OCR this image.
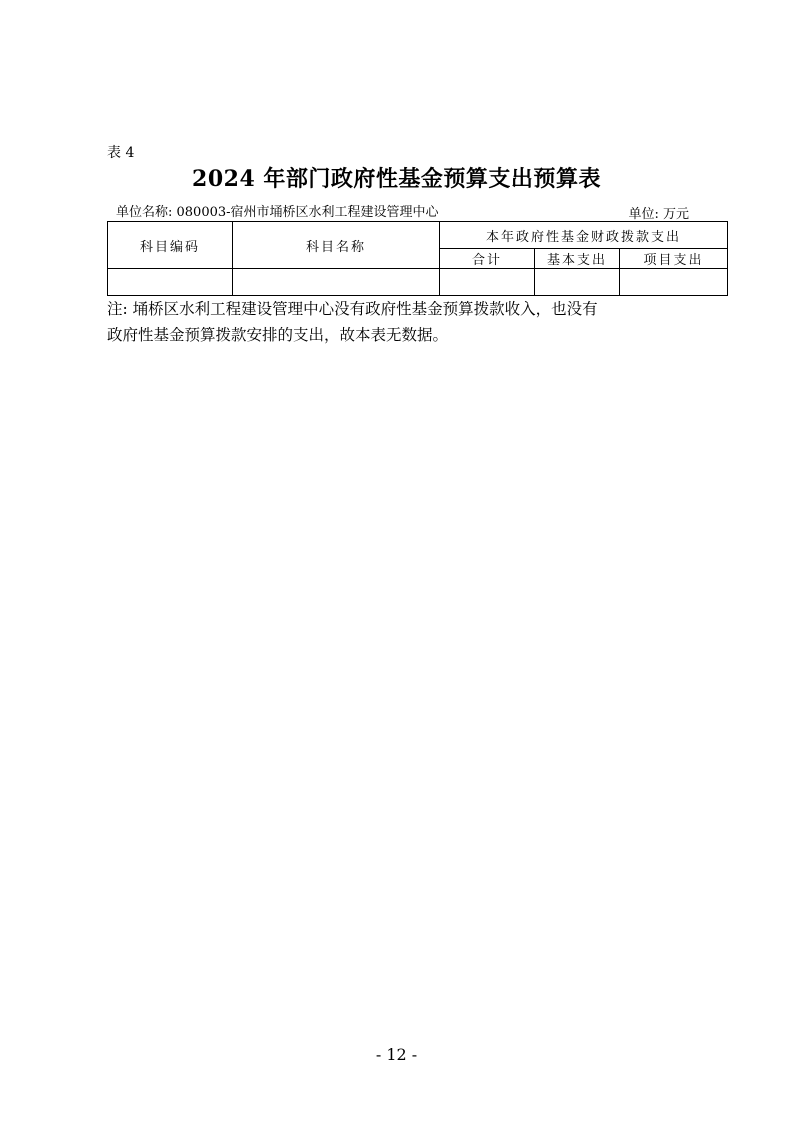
表 4
2024 年部门政府性基金预算支出预算表
单位名称: 080003-宿州市埇桥区水利工程建设管理中心	单位: 万元
科目编码	科目名称	本年政府性基金财政拨款支出		
		合计	基本支出	项目支出

注: 埇桥区水利工程建设管理中心没有政府性基金预算拨款收入，也没有
政府性基金预算拨款安排的支出，故本表无数据。
- 12 -
